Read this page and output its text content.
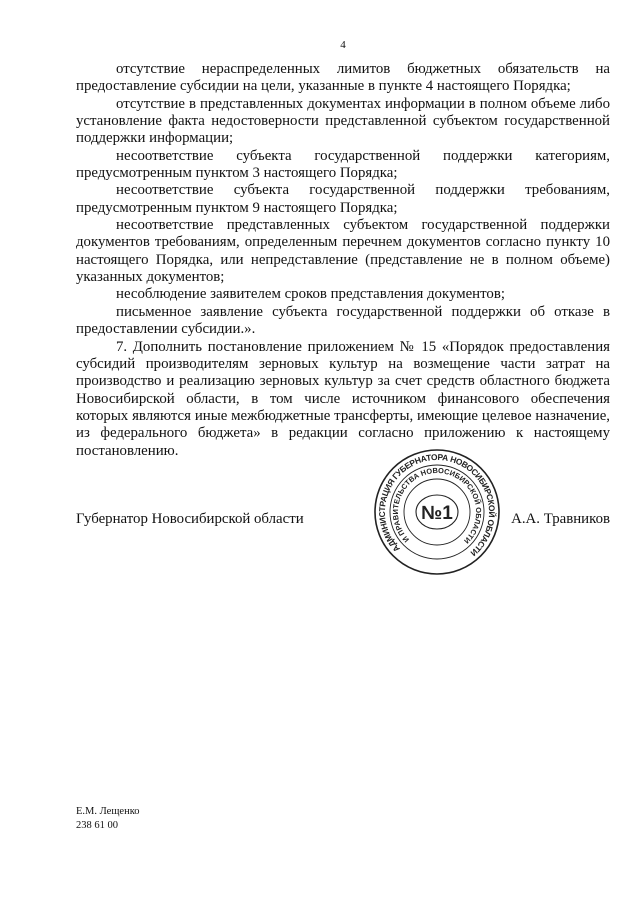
4

отсутствие нераспределенных лимитов бюджетных обязательств на предоставление субсидии на цели, указанные в пункте 4 настоящего Порядка;

отсутствие в представленных документах информации в полном объеме либо установление факта недостоверности представленной субъектом государственной поддержки информации;

несоответствие субъекта государственной поддержки категориям, предусмотренным пунктом 3 настоящего Порядка;

несоответствие субъекта государственной поддержки требованиям, предусмотренным пунктом 9 настоящего Порядка;

несоответствие представленных субъектом государственной поддержки документов требованиям, определенным перечнем документов согласно пункту 10 настоящего Порядка, или непредставление (представление не в полном объеме) указанных документов;

несоблюдение заявителем сроков представления документов;

письменное заявление субъекта государственной поддержки об отказе в предоставлении субсидии.».

7. Дополнить постановление приложением № 15 «Порядок предоставления субсидий производителям зерновых культур на возмещение части затрат на производство и реализацию зерновых культур за счет средств областного бюджета Новосибирской области, в том числе источником финансового обеспечения которых являются иные межбюджетные трансферты, имеющие целевое назначение, из федерального бюджета» в редакции согласно приложению к настоящему постановлению.

Губернатор Новосибирской области
АДМИНИСТРАЦИЯ ГУБЕРНАТОРА НОВОСИБИРСКОЙ ОБЛАСТИ
И ПРАВИТЕЛЬСТВА НОВОСИБИРСКОЙ ОБЛАСТИ
№1	А.А. Травников
Е.М. Лещенко
238 61 00
